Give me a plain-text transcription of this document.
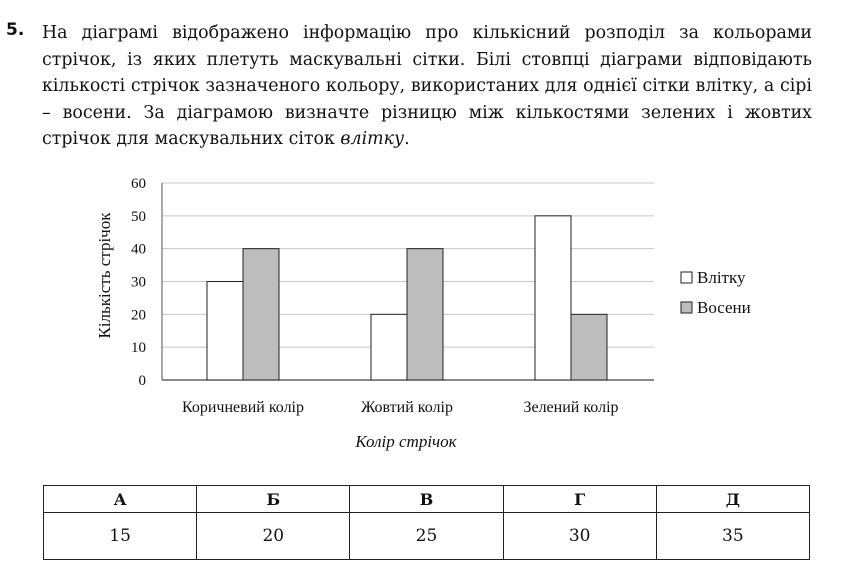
5. На діаграмі відображено інформацію про кількісний розподіл за кольорами стрічок, із яких плетуть маскувальні сітки. Білі стовпці діаграми відповідають кількості стрічок зазначеного кольору, використаних для однієї сітки влітку, а сірі – восени. За діаграмою визначте різницю між кількостями зелених і жовтих стрічок для маскувальних сіток влітку.
0
10
20
30
40
50
60
Коричневий колір	Жовтий колір	Зелений колір
Кількість стрічок
Колір стрічок
Влітку
Восени
А	Б	В	Г	Д
15	20	25	30	35
